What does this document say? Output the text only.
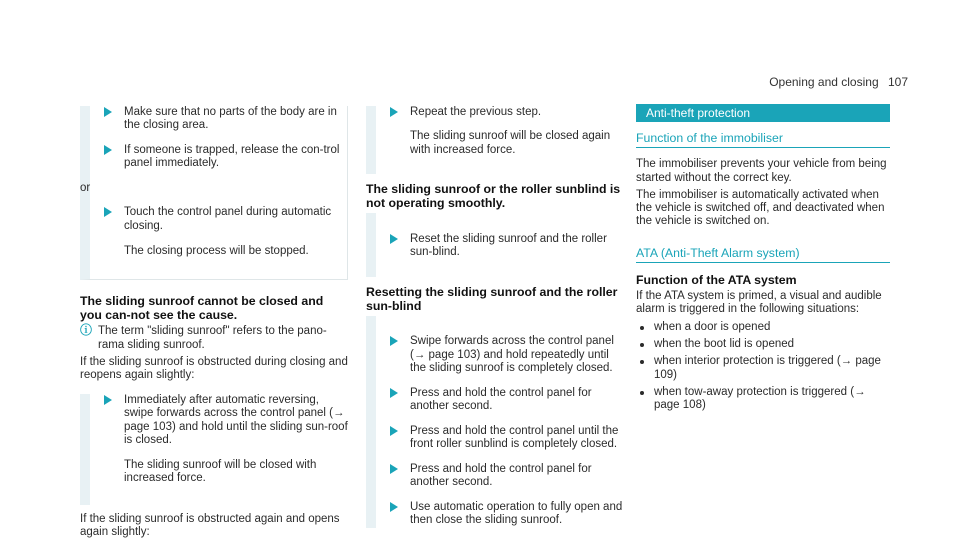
Opening and closing 107

Make sure that no parts of the body are in the closing area.

If someone is trapped, release the con-trol panel immediately.

or

Touch the control panel during automatic closing.

The closing process will be stopped.

The sliding sunroof cannot be closed and you can-not see the cause.
ⓘ The term "sliding sunroof" refers to the pano-rama sliding sunroof.

If the sliding sunroof is obstructed during closing and reopens again slightly:

Immediately after automatic reversing, swipe forwards across the control panel (→ page 103) and hold until the sliding sun-roof is closed.

The sliding sunroof will be closed with increased force.

If the sliding sunroof is obstructed again and opens again slightly:

Repeat the previous step.

The sliding sunroof will be closed again with increased force.

The sliding sunroof or the roller sunblind is not operating smoothly.

Reset the sliding sunroof and the roller sun-blind.

Resetting the sliding sunroof and the roller sun-blind

Swipe forwards across the control panel (→ page 103) and hold repeatedly until the sliding sunroof is completely closed.

Press and hold the control panel for another second.

Press and hold the control panel until the front roller sunblind is completely closed.

Press and hold the control panel for another second.

Use automatic operation to fully open and then close the sliding sunroof.

Anti-theft protection
Function of the immobiliser

The immobiliser prevents your vehicle from being started without the correct key.

The immobiliser is automatically activated when the vehicle is switched off, and deactivated when the vehicle is switched on.

ATA (Anti-Theft Alarm system)
Function of the ATA system

If the ATA system is primed, a visual and audible alarm is triggered in the following situations:

when a door is opened
when the boot lid is opened
when interior protection is triggered (→ page 109)
when tow-away protection is triggered (→ page 108)
